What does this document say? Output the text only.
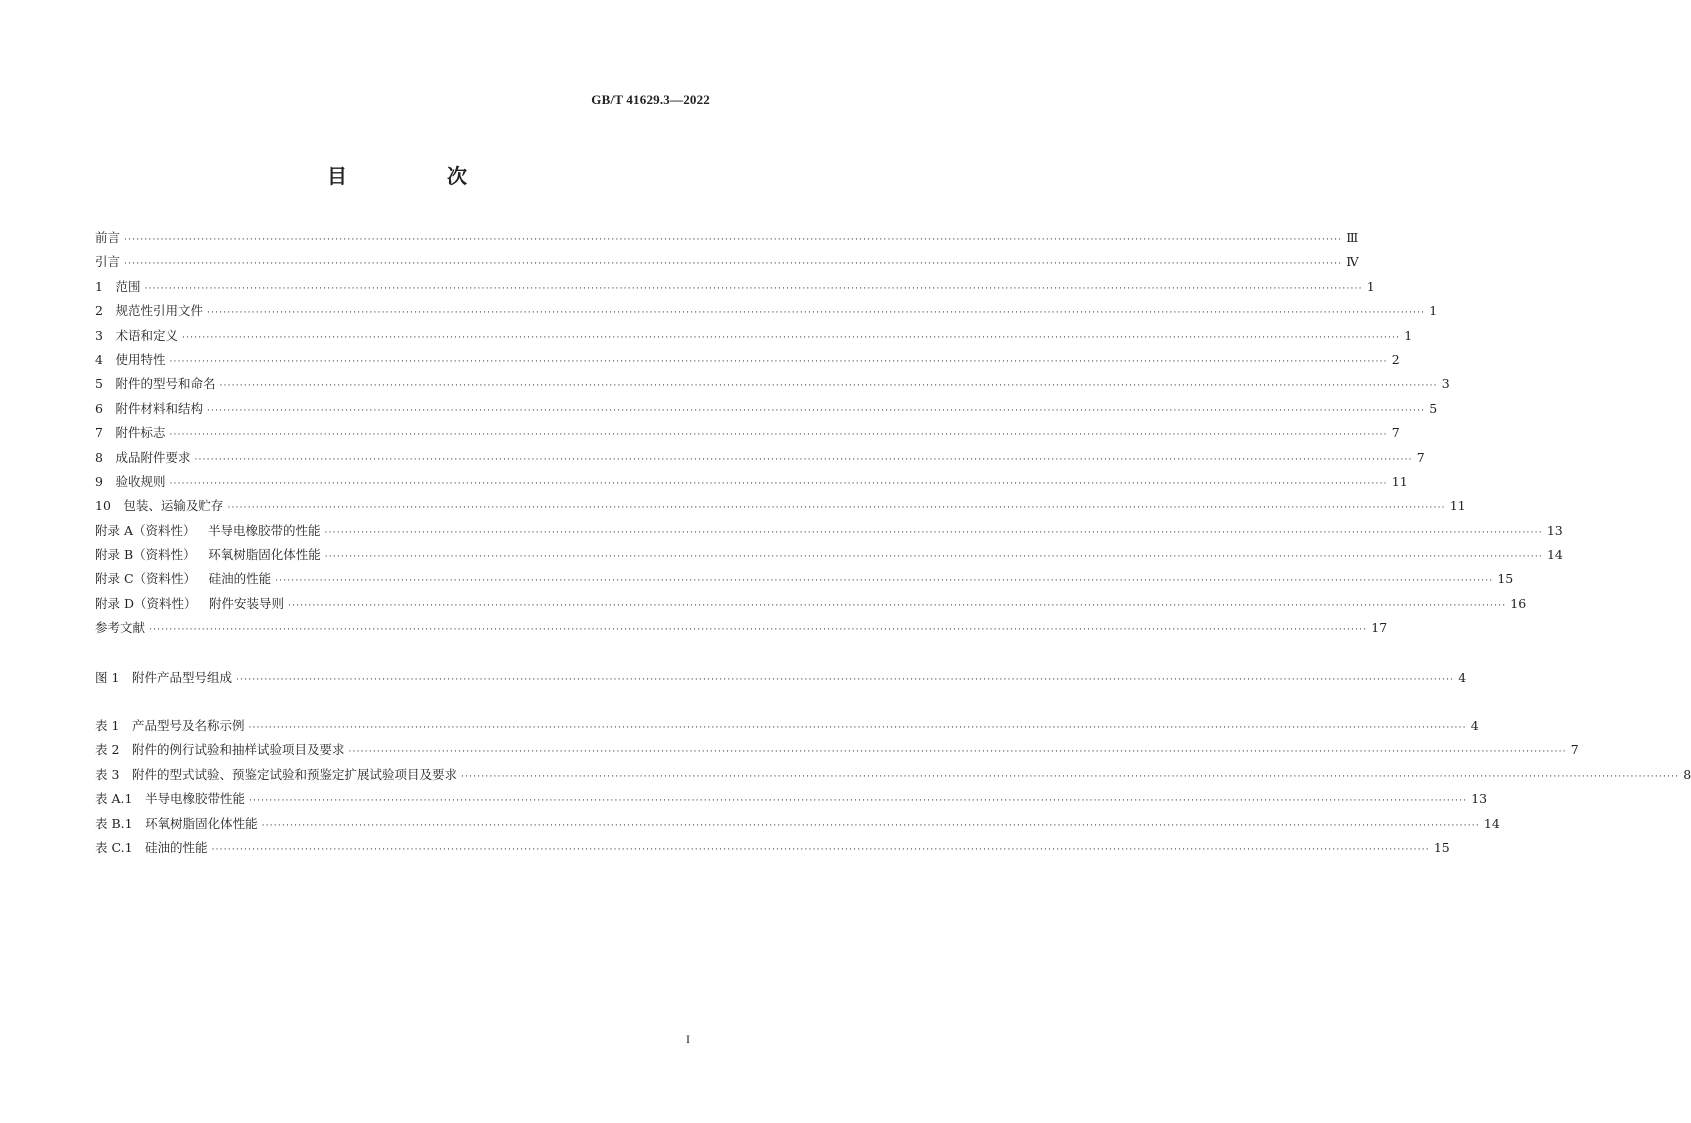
GB/T 41629.3—2022
目　次
前言 ············································································································································································································································································································ Ⅲ
引言 ············································································································································································································································································································ Ⅳ
1
　 范围 ············································································································································································································································································································ 1
2
　 规范性引用文件 ············································································································································································································································································································ 1
3
　 术语和定义 ············································································································································································································································································································ 1
4
　 使用特性 ············································································································································································································································································································ 2
5
　 附件的型号和命名 ············································································································································································································································································································ 3
6
　 附件材料和结构 ············································································································································································································································································································ 5
7
　 附件标志 ············································································································································································································································································································ 7
8
　 成品附件要求 ············································································································································································································································································································ 7
9
　 验收规则 ············································································································································································································································································································ 11
10
　 包装、运输及贮存 ············································································································································································································································································································ 11
附录 A（资料性）
　 半导电橡胶带的性能 ············································································································································································································································································································ 13
附录 B（资料性）
　 环氧树脂固化体性能 ············································································································································································································································································································ 14
附录 C（资料性）
　 硅油的性能 ············································································································································································································································································································ 15
附录 D（资料性）
　 附件安装导则 ············································································································································································································································································································ 16
参考文献 ············································································································································································································································································································ 17
图 1
　 附件产品型号组成 ············································································································································································································································································································ 4
表 1
　 产品型号及名称示例 ············································································································································································································································································································ 4
表 2
　 附件的例行试验和抽样试验项目及要求 ············································································································································································································································································································ 7
表 3
　 附件的型式试验、预鉴定试验和预鉴定扩展试验项目及要求 ············································································································································································································································································································ 8
表 A.1
　 半导电橡胶带性能 ············································································································································································································································································································ 13
表 B.1
　 环氧树脂固化体性能 ············································································································································································································································································································ 14
表 C.1
　 硅油的性能 ············································································································································································································································································································ 15
I
